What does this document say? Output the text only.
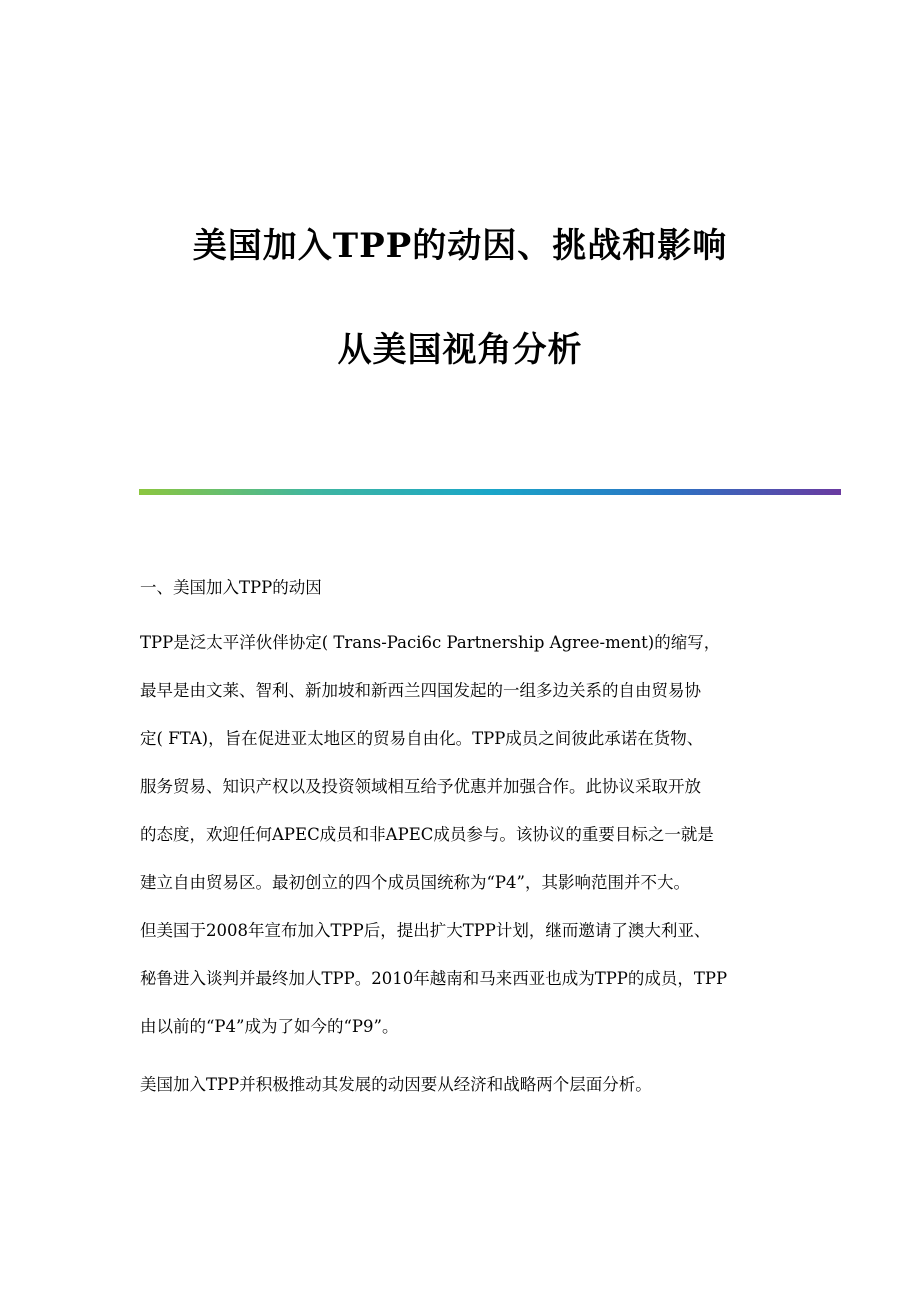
美国加入TPP的动因、挑战和影响
从美国视角分析
一、美国加入TPP的动因
TPP是泛太平洋伙伴协定( Trans-Paci6c Partnership Agree-ment)的缩写，
最早是由文莱、智利、新加坡和新西兰四国发起的一组多边关系的自由贸易协
定( FTA)，旨在促进亚太地区的贸易自由化。TPP成员之间彼此承诺在货物、
服务贸易、知识产权以及投资领域相互给予优惠并加强合作。此协议采取开放
的态度，欢迎任何APEC成员和非APEC成员参与。该协议的重要目标之一就是
建立自由贸易区。最初创立的四个成员国统称为“P4”，其影响范围并不大。
但美国于2008年宣布加入TPP后，提出扩大TPP计划，继而邀请了澳大利亚、
秘鲁进入谈判并最终加人TPP。2010年越南和马来西亚也成为TPP的成员，TPP
由以前的“P4”成为了如今的“P9”。
美国加入TPP并积极推动其发展的动因要从经济和战略两个层面分析。
